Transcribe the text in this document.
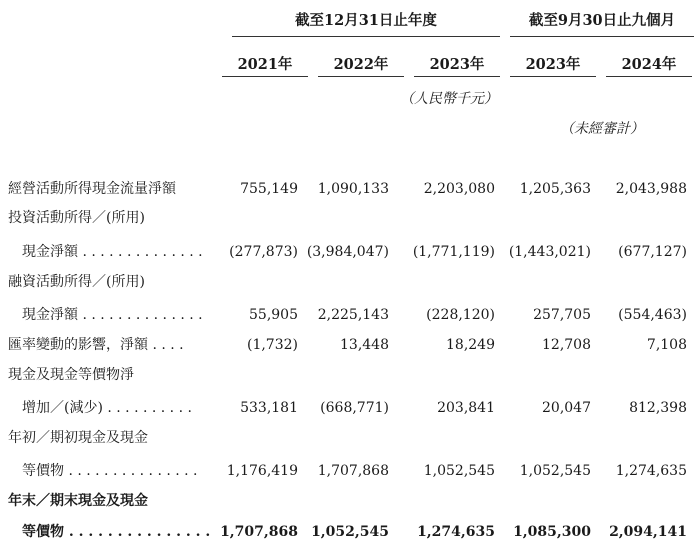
截至12月31日止年度	截至9月30日止九個月
2021年	2022年	2023年	2023年	2024年
（人民幣千元）
（未經審計）
經營活動所得現金流量淨額	755,149	1,090,133	2,203,080	1,205,363	2,043,988
投資活動所得／(所用)
現金淨額 . . . . . . . . . . . . . .	(277,873) (3,984,047)	(1,771,119) (1,443,021)	(677,127)
融資活動所得／(所用)
現金淨額 . . . . . . . . . . . . . .	55,905	2,225,143	(228,120)	257,705	(554,463)
匯率變動的影響，淨額 . . . .	(1,732)	13,448	18,249	12,708	7,108
現金及現金等價物淨
增加／(減少) . . . . . . . . . .	533,181	(668,771)	203,841	20,047	812,398
年初／期初現金及現金
等價物 . . . . . . . . . . . . . . .	1,176,419	1,707,868	1,052,545	1,052,545	1,274,635
年末／期末現金及現金
等價物 . . . . . . . . . . . . . . . 1,707,868 1,052,545	1,274,635	1,085,300	2,094,141
